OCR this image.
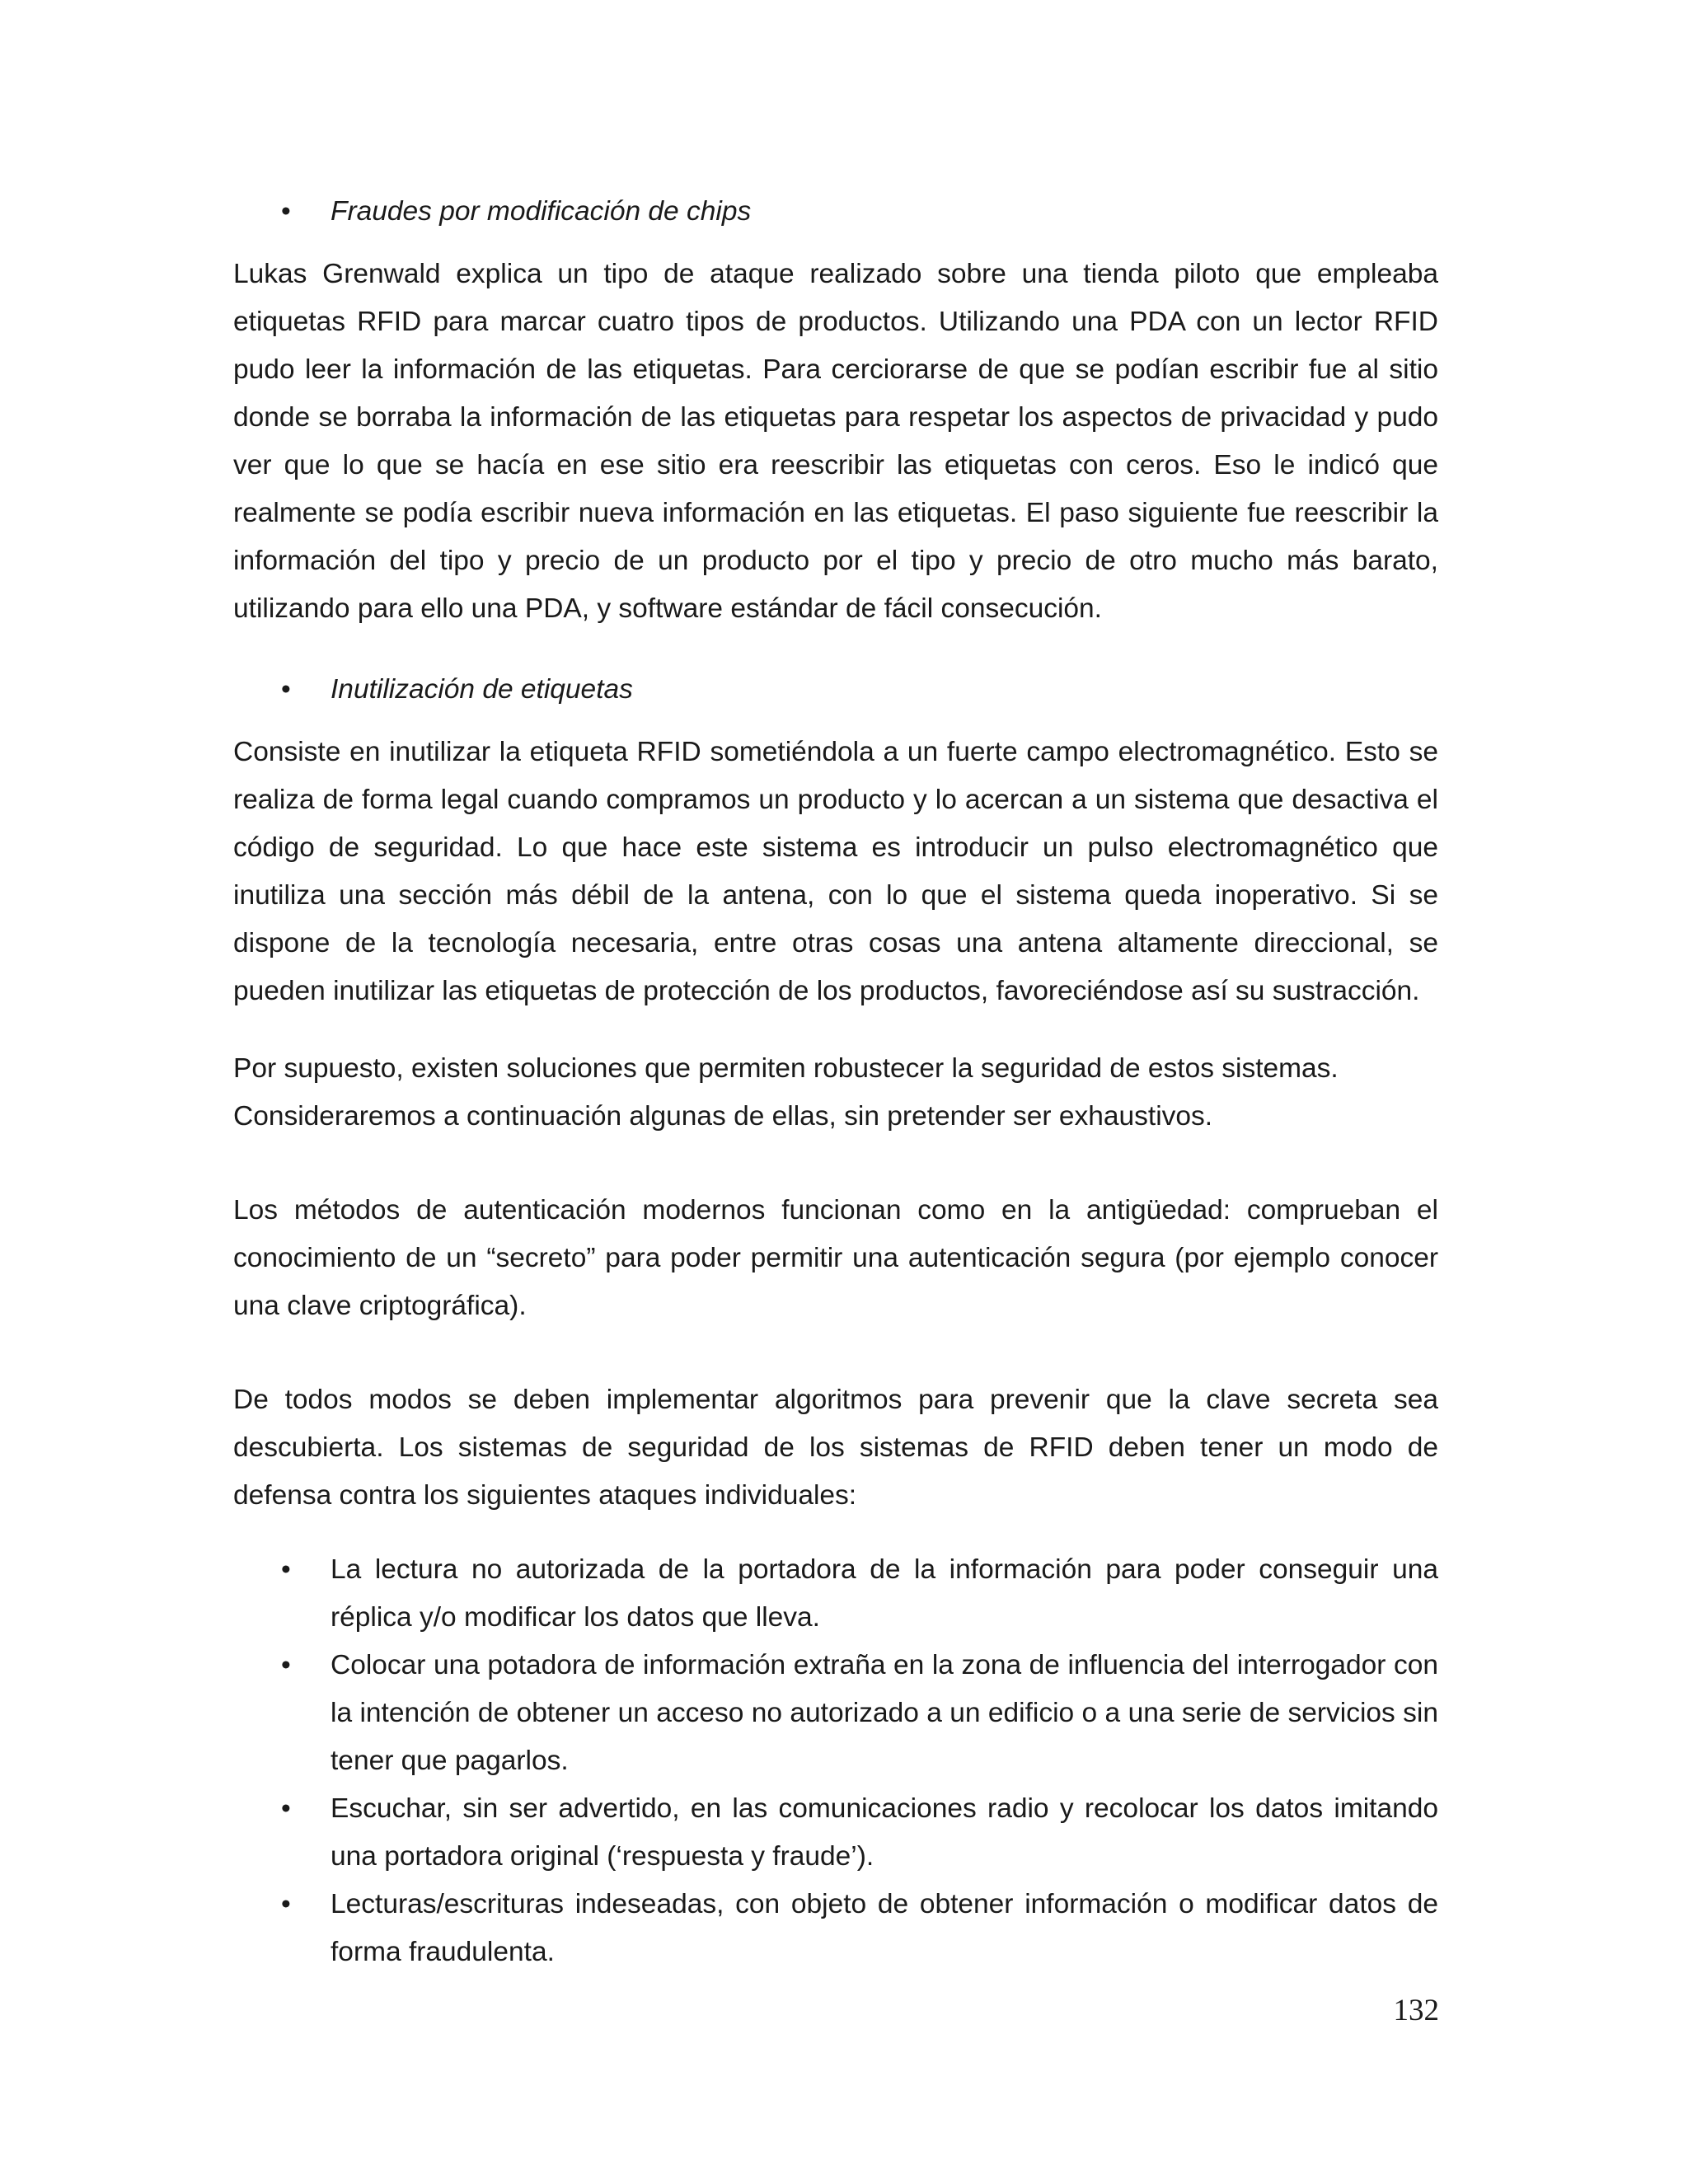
•	Fraudes por modificación de chips

Lukas Grenwald explica un tipo de ataque realizado sobre una tienda piloto que empleaba etiquetas RFID para marcar cuatro tipos de productos. Utilizando una PDA con un lector RFID pudo leer la información de las etiquetas. Para cerciorarse de que se podían escribir fue al sitio donde se borraba la información de las etiquetas para respetar los aspectos de privacidad y pudo ver que lo que se hacía en ese sitio era reescribir las etiquetas con ceros. Eso le indicó que realmente se podía escribir nueva información en las etiquetas. El paso siguiente fue reescribir la información del tipo y precio de un producto por el tipo y precio de otro mucho más barato, utilizando para ello una PDA, y software estándar de fácil consecución.

•	Inutilización de etiquetas

Consiste en inutilizar la etiqueta RFID sometiéndola a un fuerte campo electromagnético. Esto se realiza de forma legal cuando compramos un producto y lo acercan a un sistema que desactiva el código de seguridad. Lo que hace este sistema es introducir un pulso electromagnético que inutiliza una sección más débil de la antena, con lo que el sistema queda inoperativo. Si se dispone de la tecnología necesaria, entre otras cosas una antena altamente direccional, se pueden inutilizar las etiquetas de protección de los productos, favoreciéndose así su sustracción.

Por supuesto, existen soluciones que permiten robustecer la seguridad de estos sistemas.
Consideraremos a continuación algunas de ellas, sin pretender ser exhaustivos.

Los métodos de autenticación modernos funcionan como en la antigüedad: comprueban el conocimiento de un “secreto” para poder permitir una autenticación segura (por ejemplo conocer una clave criptográfica).

De todos modos se deben implementar algoritmos para prevenir que la clave secreta sea descubierta. Los sistemas de seguridad de los sistemas de RFID deben tener un modo de defensa contra los siguientes ataques individuales:

•	La lectura no autorizada de la portadora de la información para poder conseguir una réplica y/o modificar los datos que lleva.
•	Colocar una potadora de información extraña en la zona de influencia del interrogador con la intención de obtener un acceso no autorizado a un edificio o a una serie de servicios sin tener que pagarlos.
•	Escuchar, sin ser advertido, en las comunicaciones radio y recolocar los datos imitando una portadora original (‘respuesta y fraude’).
•	Lecturas/escrituras indeseadas, con objeto de obtener información o modificar datos de forma fraudulenta.
132
